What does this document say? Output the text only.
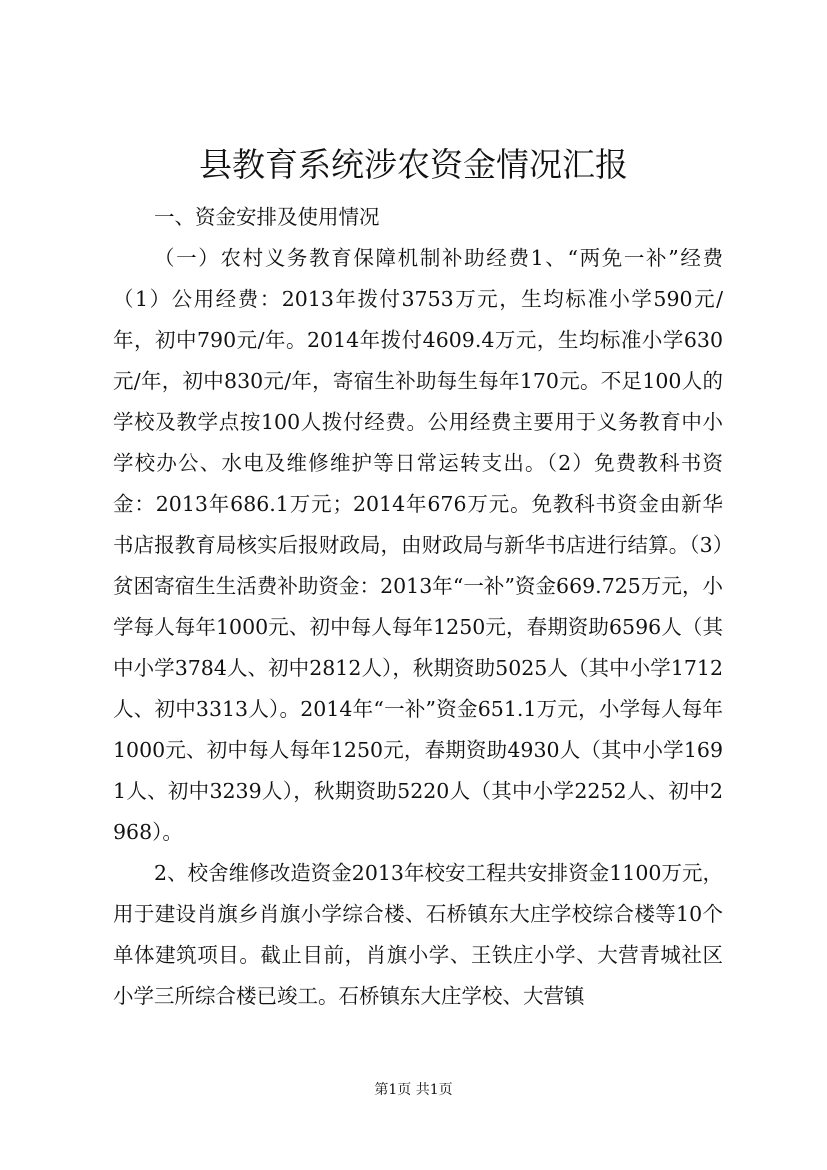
县教育系统涉农资金情况汇报

一、资金安排及使用情况

（一）农村义务教育保障机制补助经费1、“两免一补”经费（1）公用经费：2013年拨付3753万元，生均标准小学590元/年，初中790元/年。2014年拨付4609.4万元，生均标准小学630元/年，初中830元/年，寄宿生补助每生每年170元。不足100人的学校及教学点按100人拨付经费。公用经费主要用于义务教育中小学校办公、水电及维修维护等日常运转支出。（2）免费教科书资金：2013年686.1万元；2014年676万元。免教科书资金由新华书店报教育局核实后报财政局，由财政局与新华书店进行结算。（3）贫困寄宿生生活费补助资金：2013年“一补”资金669.725万元，小学每人每年1000元、初中每人每年1250元，春期资助6596人（其中小学3784人、初中2812人），秋期资助5025人（其中小学1712人、初中3313人）。2014年“一补”资金651.1万元，小学每人每年1000元、初中每人每年1250元，春期资助4930人（其中小学1691人、初中3239人），秋期资助5220人（其中小学2252人、初中2968）。

2、校舍维修改造资金2013年校安工程共安排资金1100万元，用于建设肖旗乡肖旗小学综合楼、石桥镇东大庄学校综合楼等10个单体建筑项目。截止目前，肖旗小学、王铁庄小学、大营青城社区小学三所综合楼已竣工。石桥镇东大庄学校、大营镇

第1页 共1页
